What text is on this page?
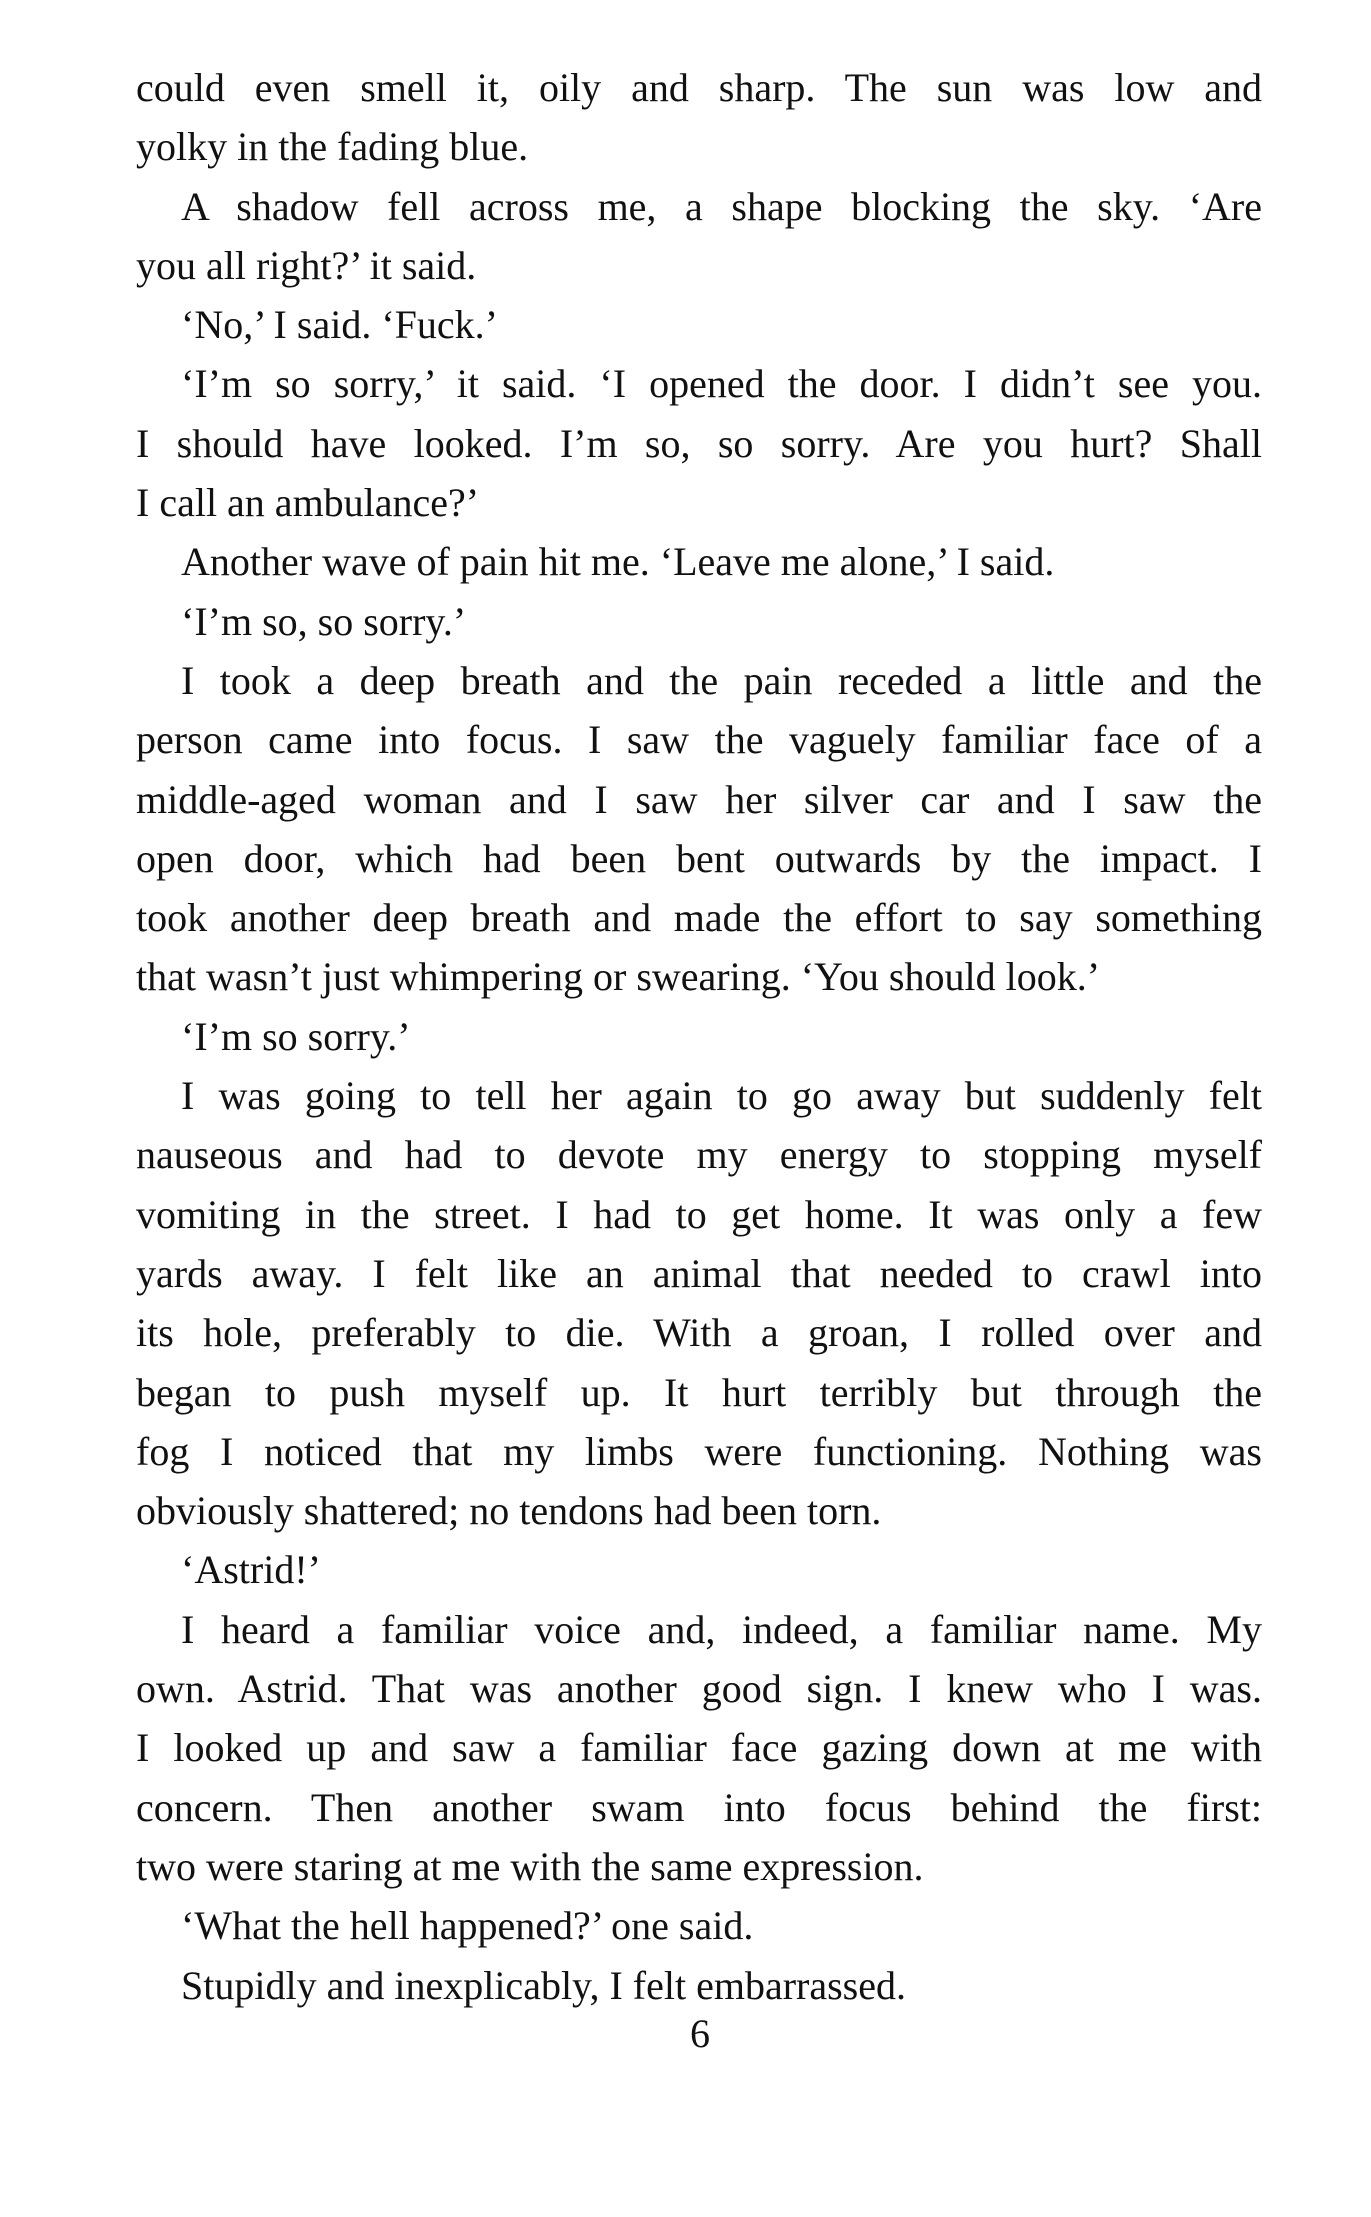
could even smell it, oily and sharp. The sun was low and
yolky in the fading blue.
A shadow fell across me, a shape blocking the sky. ‘Are
you all right?’ it said.
‘No,’ I said. ‘Fuck.’
‘I’m so sorry,’ it said. ‘I opened the door. I didn’t see you.
I should have looked. I’m so, so sorry. Are you hurt? Shall
I call an ambulance?’
Another wave of pain hit me. ‘Leave me alone,’ I said.
‘I’m so, so sorry.’
I took a deep breath and the pain receded a little and the
person came into focus. I saw the vaguely familiar face of a
middle-aged woman and I saw her silver car and I saw the
open door, which had been bent outwards by the impact. I
took another deep breath and made the effort to say something
that wasn’t just whimpering or swearing. ‘You should look.’
‘I’m so sorry.’
I was going to tell her again to go away but suddenly felt
nauseous and had to devote my energy to stopping myself
vomiting in the street. I had to get home. It was only a few
yards away. I felt like an animal that needed to crawl into
its hole, preferably to die. With a groan, I rolled over and
began to push myself up. It hurt terribly but through the
fog I noticed that my limbs were functioning. Nothing was
obviously shattered; no tendons had been torn.
‘Astrid!’
I heard a familiar voice and, indeed, a familiar name. My
own. Astrid. That was another good sign. I knew who I was.
I looked up and saw a familiar face gazing down at me with
concern. Then another swam into focus behind the first:
two were staring at me with the same expression.
‘What the hell happened?’ one said.
Stupidly and inexplicably, I felt embarrassed.
6
